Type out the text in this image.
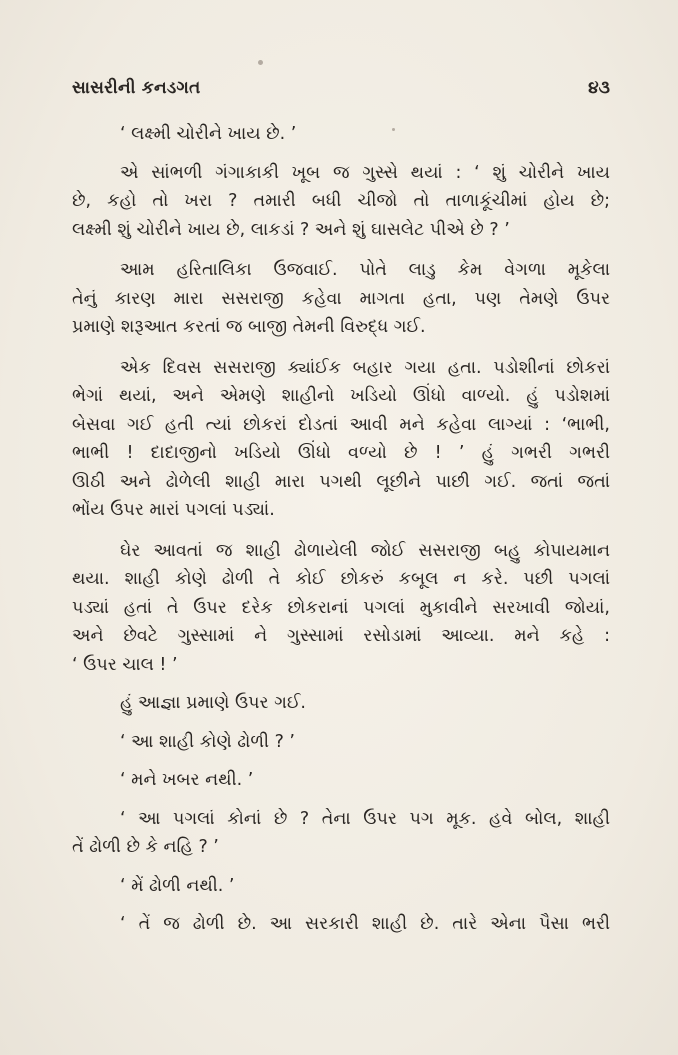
સાસરીની કનડગત	૪૩
‘ લક્ષ્મી ચોરીને ખાય છે. ’
એ સાંભળી ગંગાકાકી ખૂબ જ ગુસ્સે થયાં : ‘ શું ચોરીને ખાય
છે, કહો તો ખરા ? તમારી બધી ચીજો તો તાળાકૂંચીમાં હોય છે;
લક્ષ્મી શું ચોરીને ખાય છે, લાકડાં ? અને શું ઘાસલેટ પીએ છે ? ’
આમ હરિતાલિકા ઉજવાઈ. પોતે લાડુ કેમ વેગળા મૂકેલા
તેનું કારણ મારા સસરાજી કહેવા માગતા હતા, પણ તેમણે ઉપર
પ્રમાણે શરૂઆત કરતાં જ બાજી તેમની વિરુદ્ધ ગઈ.
એક દિવસ સસરાજી ક્યાંઈક બહાર ગયા હતા. પડોશીનાં છોકરાં
ભેગાં થયાં, અને એમણે શાહીનો ખડિયો ઊંધો વાળ્યો. હું પડોશમાં
બેસવા ગઈ હતી ત્યાં છોકરાં દોડતાં આવી મને કહેવા લાગ્યાં : ‘ભાભી,
ભાભી ! દાદાજીનો ખડિયો ઊંધો વળ્યો છે ! ’ હું ગભરી ગભરી
ઊઠી અને ઢોળેલી શાહી મારા પગથી લૂછીને પાછી ગઈ. જતાં જતાં
ભોંય ઉપર મારાં પગલાં પડ્યાં.
ઘેર આવતાં જ શાહી ઢોળાયેલી જોઈ સસરાજી બહુ કોપાયમાન
થયા. શાહી કોણે ઢોળી તે કોઈ છોકરું કબૂલ ન કરે. પછી પગલાં
પડ્યાં હતાં તે ઉપર દરેક છોકરાનાં પગલાં મુકાવીને સરખાવી જોયાં,
અને છેવટે ગુસ્સામાં ને ગુસ્સામાં રસોડામાં આવ્યા. મને કહે :
‘ ઉપર ચાલ ! ’
હું આજ્ઞા પ્રમાણે ઉપર ગઈ.
‘ આ શાહી કોણે ઢોળી ? ’
‘ મને ખબર નથી. ’
‘ આ પગલાં કોનાં છે ? તેના ઉપર પગ મૂક. હવે બોલ, શાહી
તેં ઢોળી છે કે નહિ ? ’
‘ મેં ઢોળી નથી. ’
‘ તેં જ ઢોળી છે. આ સરકારી શાહી છે. તારે એના પૈસા ભરી
